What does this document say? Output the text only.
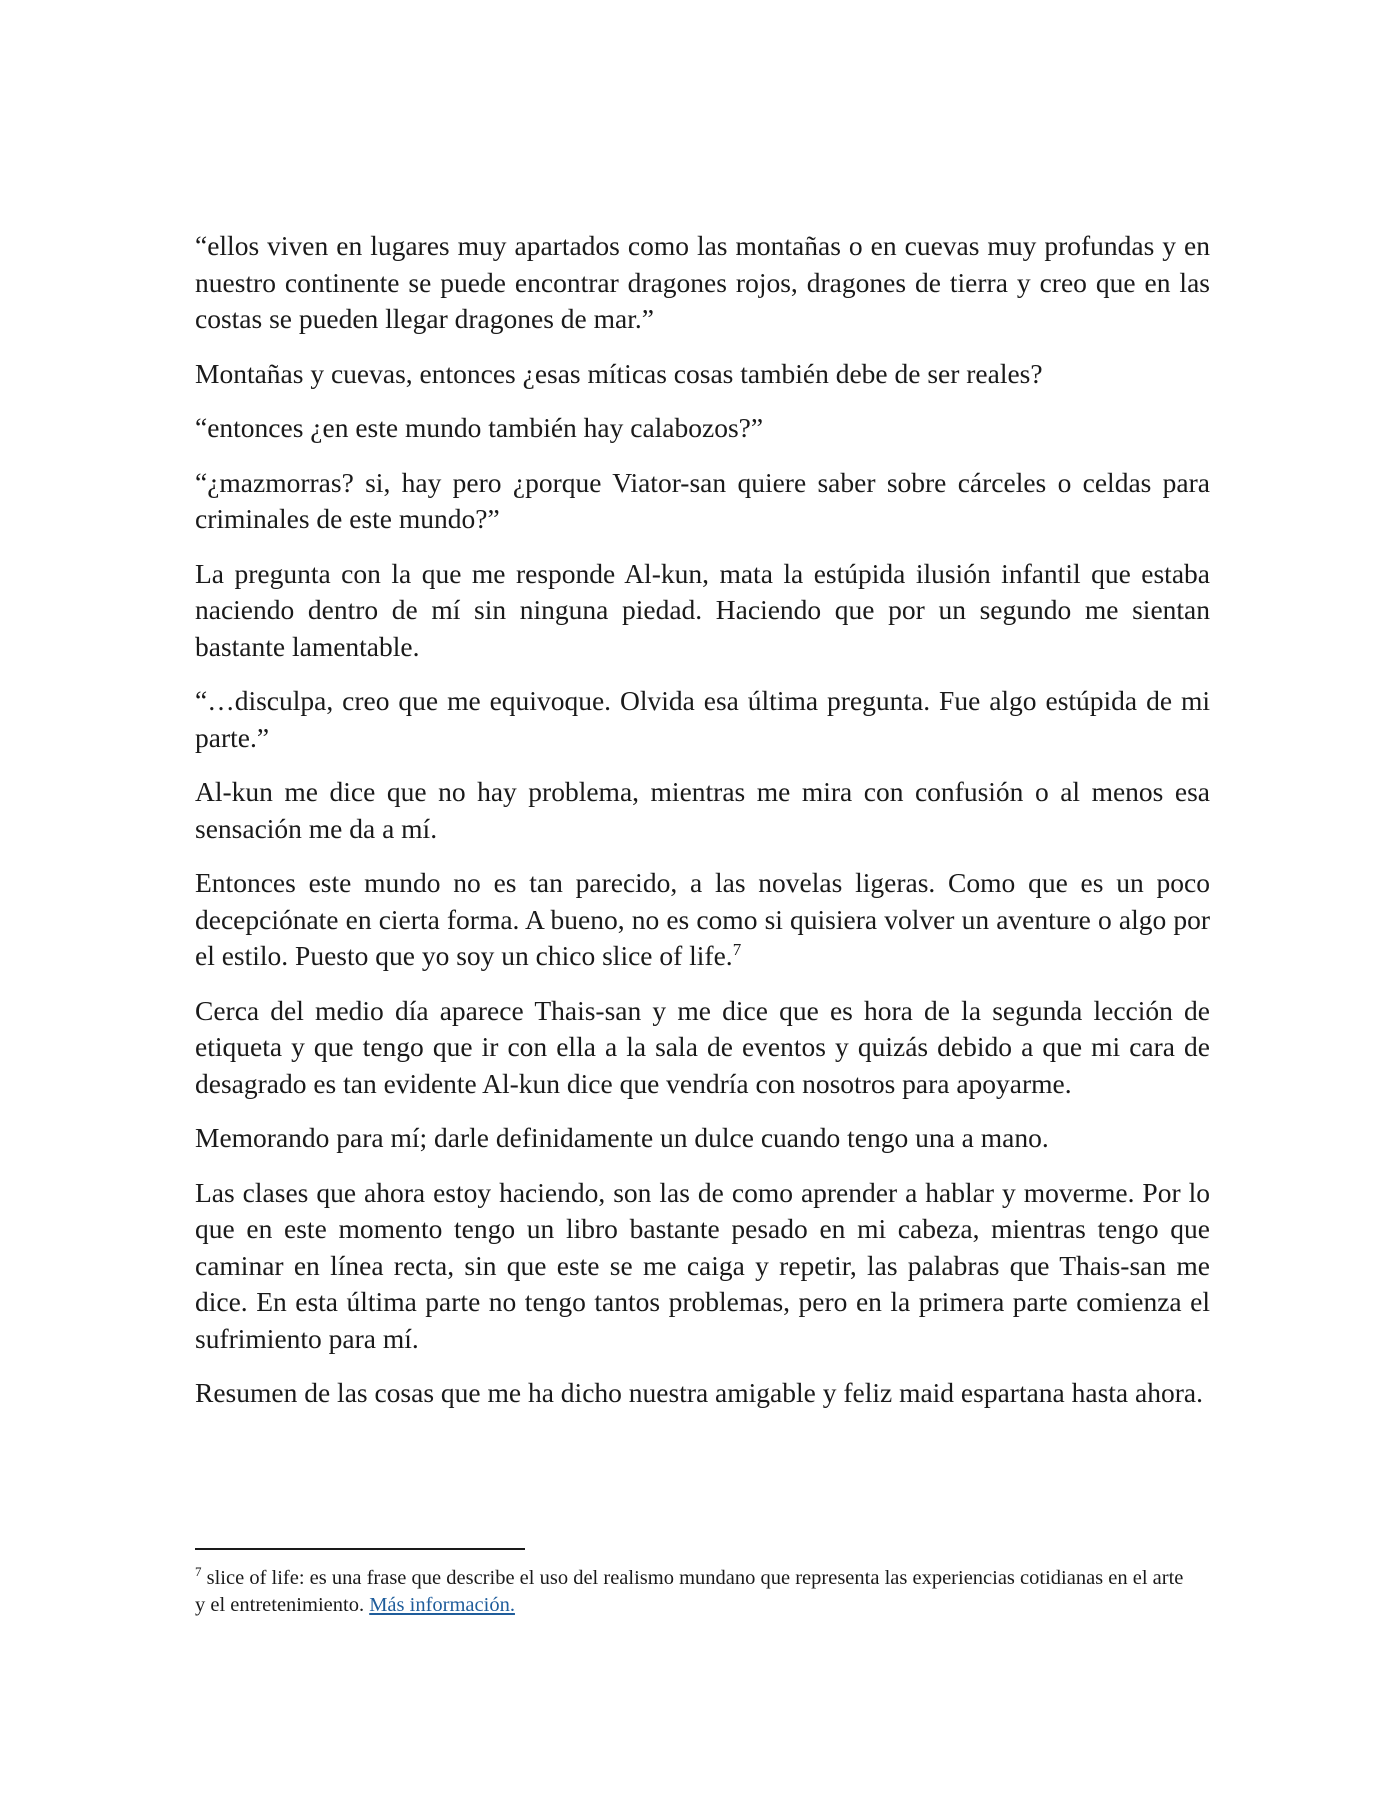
“ellos viven en lugares muy apartados como las montañas o en cuevas muy profundas y en nuestro continente se puede encontrar dragones rojos, dragones de tierra y creo que en las costas se pueden llegar dragones de mar.”

Montañas y cuevas, entonces ¿esas míticas cosas también debe de ser reales?

“entonces ¿en este mundo también hay calabozos?”

“¿mazmorras? si, hay pero ¿porque Viator-san quiere saber sobre cárceles o celdas para criminales de este mundo?”

La pregunta con la que me responde Al-kun, mata la estúpida ilusión infantil que estaba naciendo dentro de mí sin ninguna piedad. Haciendo que por un segundo me sientan bastante lamentable.

“…disculpa, creo que me equivoque. Olvida esa última pregunta. Fue algo estúpida de mi parte.”

Al-kun me dice que no hay problema, mientras me mira con confusión o al menos esa sensación me da a mí.

Entonces este mundo no es tan parecido, a las novelas ligeras. Como que es un poco decepciónate en cierta forma. A bueno, no es como si quisiera volver un aventure o algo por el estilo. Puesto que yo soy un chico slice of life.$^7$

Cerca del medio día aparece Thais-san y me dice que es hora de la segunda lección de etiqueta y que tengo que ir con ella a la sala de eventos y quizás debido a que mi cara de desagrado es tan evidente Al-kun dice que vendría con nosotros para apoyarme.

Memorando para mí; darle definidamente un dulce cuando tengo una a mano.

Las clases que ahora estoy haciendo, son las de como aprender a hablar y moverme. Por lo que en este momento tengo un libro bastante pesado en mi cabeza, mientras tengo que caminar en línea recta, sin que este se me caiga y repetir, las palabras que Thais-san me dice. En esta última parte no tengo tantos problemas, pero en la primera parte comienza el sufrimiento para mí.

Resumen de las cosas que me ha dicho nuestra amigable y feliz maid espartana hasta ahora.

$^7$ slice of life: es una frase que describe el uso del realismo mundano que representa las experiencias cotidianas en el arte y el entretenimiento. Más información.
